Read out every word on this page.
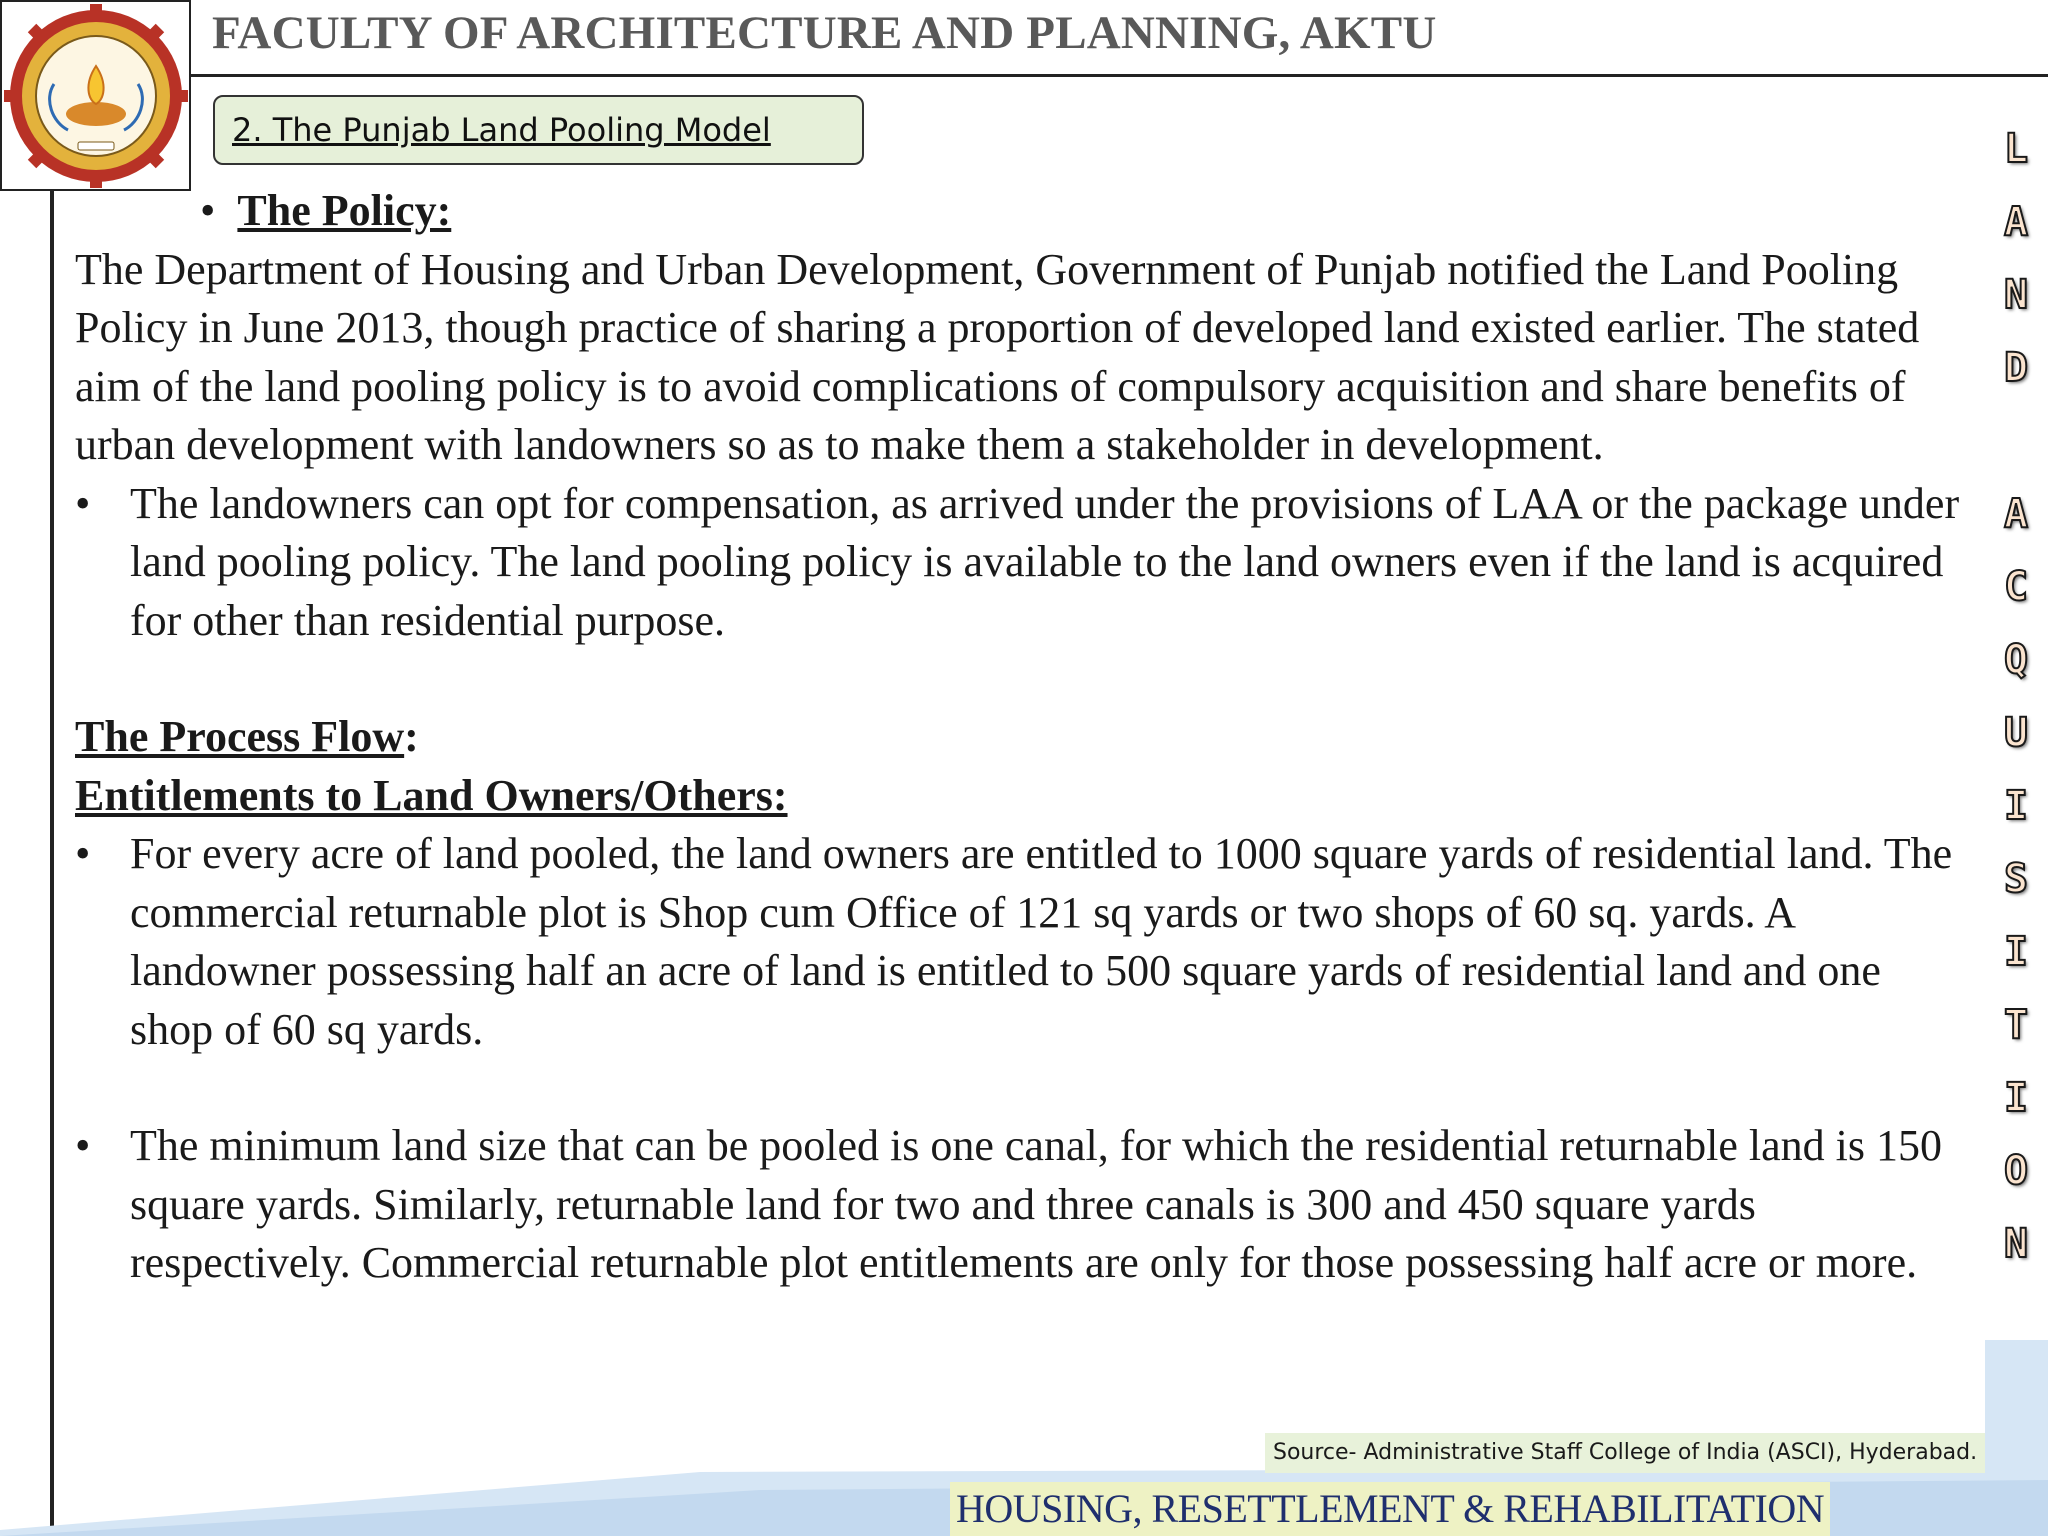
FACULTY OF ARCHITECTURE AND PLANNING, AKTU
2. The Punjab Land Pooling Model

• The Policy:

The Department of Housing and Urban Development, Government of Punjab notified the Land Pooling Policy in June 2013, though practice of sharing a proportion of developed land existed earlier. The stated aim of the land pooling policy is to avoid complications of compulsory acquisition and share benefits of urban development with landowners so as to make them a stakeholder in development.

• The landowners can opt for compensation, as arrived under the provisions of LAA or the package under land pooling policy. The land pooling policy is available to the land owners even if the land is acquired for other than residential purpose.

The Process Flow:

Entitlements to Land Owners/Others:

• For every acre of land pooled, the land owners are entitled to 1000 square yards of residential land. The commercial returnable plot is Shop cum Office of 121 sq yards or two shops of 60 sq. yards. A landowner possessing half an acre of land is entitled to 500 square yards of residential land and one shop of 60 sq yards.

• The minimum land size that can be pooled is one canal, for which the residential returnable land is 150 square yards. Similarly, returnable land for two and three canals is 300 and 450 square yards respectively. Commercial returnable plot entitlements are only for those possessing half acre or more.

L
A
N
D
A
C
Q
U
I
S
I
T
I
O
N
Source- Administrative Staff College of India (ASCI), Hyderabad.
HOUSING, RESETTLEMENT & REHABILITATION
